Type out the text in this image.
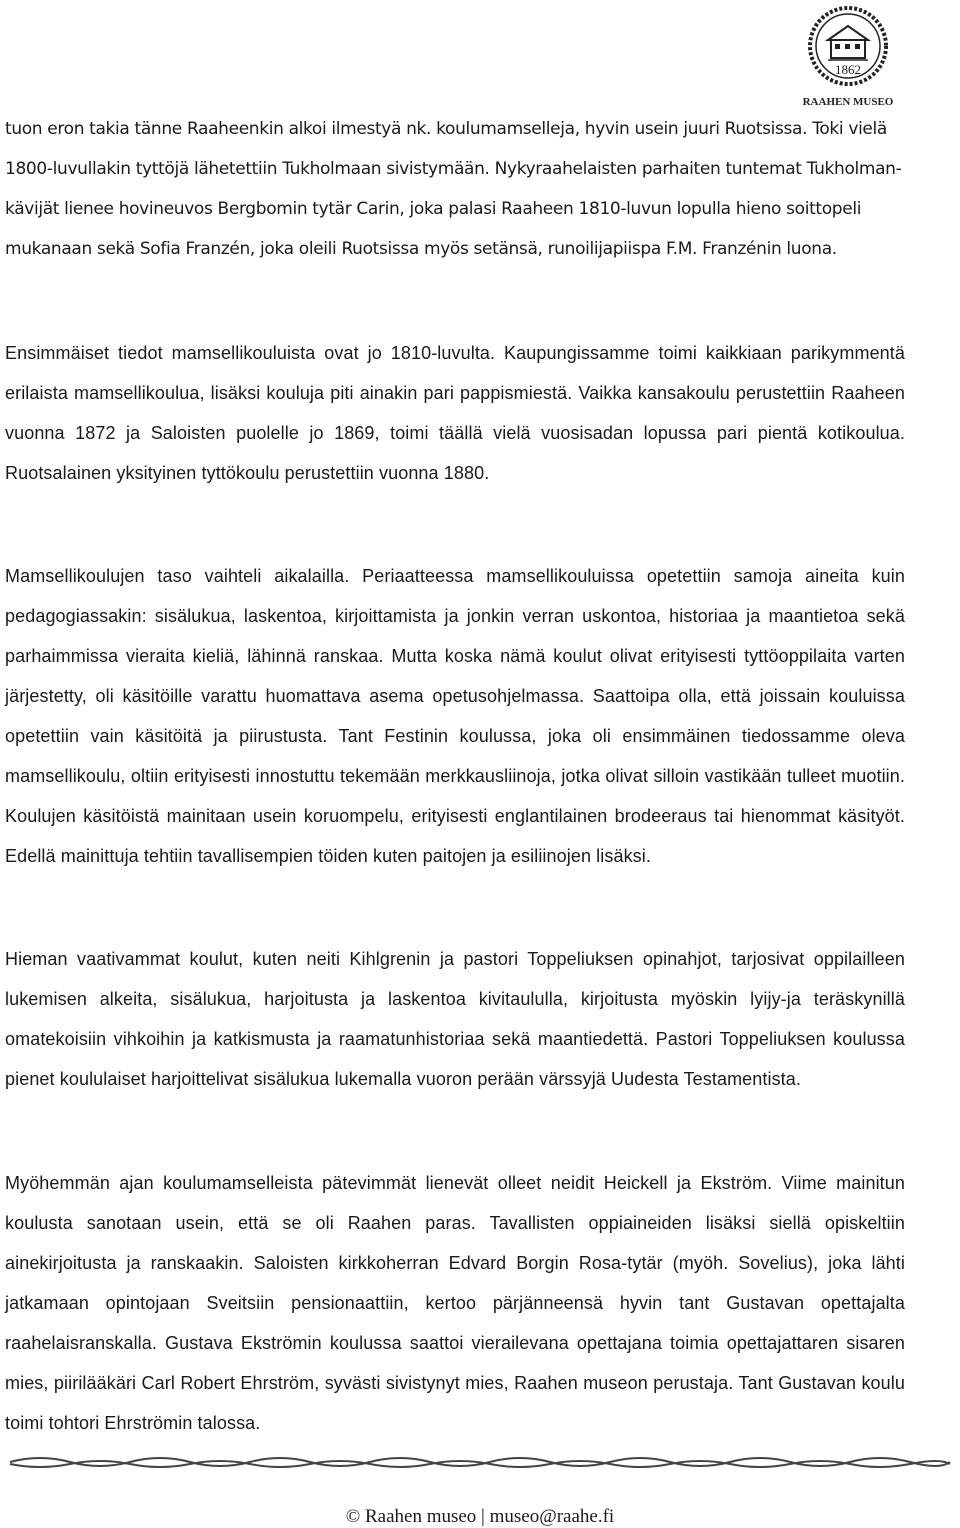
1862
RAAHEN MUSEO

tuon eron takia tänne Raaheenkin alkoi ilmestyä nk. koulumamselleja, hyvin usein juuri Ruotsissa. Toki vielä 1800-luvullakin tyttöjä lähetettiin Tukholmaan sivistymään. Nykyraahelaisten parhaiten tuntemat Tukholman-kävijät lienee hovineuvos Bergbomin tytär Carin, joka palasi Raaheen 1810-luvun lopulla hieno soittopeli mukanaan sekä Sofia Franzén, joka oleili Ruotsissa myös setänsä, runoilijapiispa F.M. Franzénin luona.

Ensimmäiset tiedot mamsellikouluista ovat jo 1810-luvulta. Kaupungissamme toimi kaikkiaan parikymmentä erilaista mamsellikoulua, lisäksi kouluja piti ainakin pari pappismiestä. Vaikka kansakoulu perustettiin Raaheen vuonna 1872 ja Saloisten puolelle jo 1869, toimi täällä vielä vuosisadan lopussa pari pientä kotikoulua. Ruotsalainen yksityinen tyttökoulu perustettiin vuonna 1880.

Mamsellikoulujen taso vaihteli aikalailla. Periaatteessa mamsellikouluissa opetettiin samoja aineita kuin pedagogiassakin: sisälukua, laskentoa, kirjoittamista ja jonkin verran uskontoa, historiaa ja maantietoa sekä parhaimmissa vieraita kieliä, lähinnä ranskaa. Mutta koska nämä koulut olivat erityisesti tyttöoppilaita varten järjestetty, oli käsitöille varattu huomattava asema opetusohjelmassa. Saattoipa olla, että joissain kouluissa opetettiin vain käsitöitä ja piirustusta. Tant Festinin koulussa, joka oli ensimmäinen tiedossamme oleva mamsellikoulu, oltiin erityisesti innostuttu tekemään merkkausliinoja, jotka olivat silloin vastikään tulleet muotiin. Koulujen käsitöistä mainitaan usein koruompelu, erityisesti englantilainen brodeeraus tai hienommat käsityöt. Edellä mainittuja tehtiin tavallisempien töiden kuten paitojen ja esiliinojen lisäksi.

Hieman vaativammat koulut, kuten neiti Kihlgrenin ja pastori Toppeliuksen opinahjot, tarjosivat oppilailleen lukemisen alkeita, sisälukua, harjoitusta ja laskentoa kivitaululla, kirjoitusta myöskin lyijy-ja teräskynillä omatekoisiin vihkoihin ja katkismusta ja raamatunhistoriaa sekä maantiedettä. Pastori Toppeliuksen koulussa pienet koululaiset harjoittelivat sisälukua lukemalla vuoron perään värssyjä Uudesta Testamentista.

Myöhemmän ajan koulumamselleista pätevimmät lienevät olleet neidit Heickell ja Ekström. Viime mainitun koulusta sanotaan usein, että se oli Raahen paras. Tavallisten oppiaineiden lisäksi siellä opiskeltiin ainekirjoitusta ja ranskaakin. Saloisten kirkkoherran Edvard Borgin Rosa-tytär (myöh. Sovelius), joka lähti jatkamaan opintojaan Sveitsiin pensionaattiin, kertoo pärjänneensä hyvin tant Gustavan opettajalta raahelaisranskalla. Gustava Ekströmin koulussa saattoi vierailevana opettajana toimia opettajattaren sisaren mies, piirilääkäri Carl Robert Ehrström, syvästi sivistynyt mies, Raahen museon perustaja. Tant Gustavan koulu toimi tohtori Ehrströmin talossa.

© Raahen museo | museo@raahe.fi
